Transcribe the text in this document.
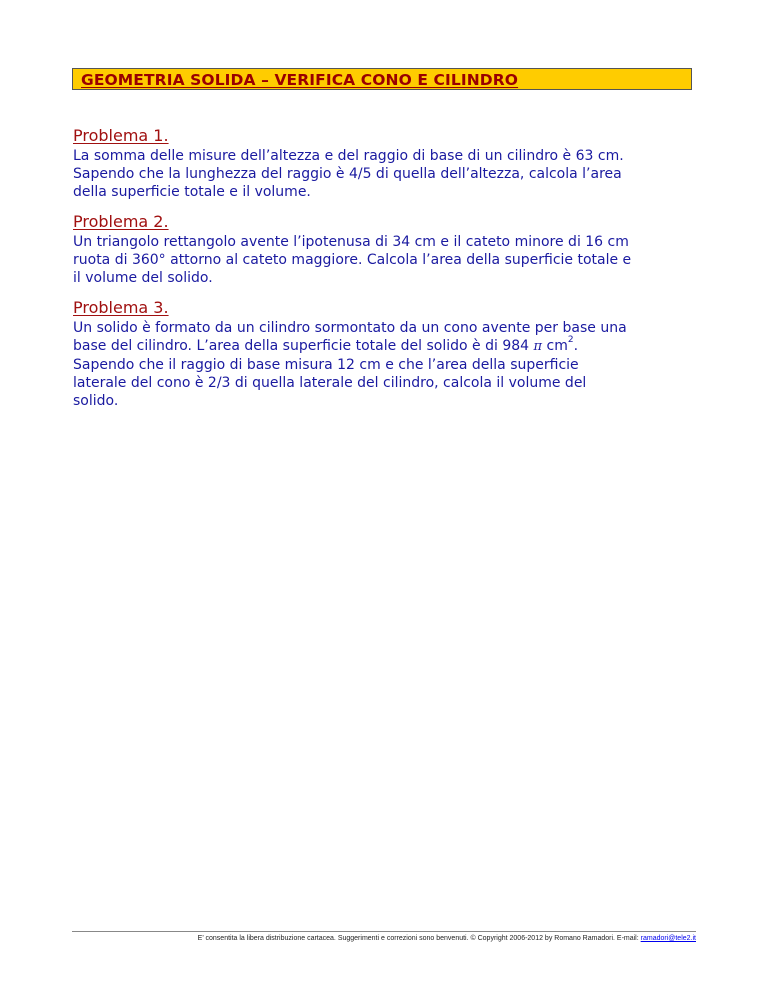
GEOMETRIA SOLIDA – VERIFICA CONO E CILINDRO
Problema 1.
La somma delle misure dell’altezza e del raggio di base di un cilindro è 63 cm.
Sapendo che la lunghezza del raggio è 4/5 di quella dell’altezza, calcola l’area
della superficie totale e il volume.
Problema 2.
Un triangolo rettangolo avente l’ipotenusa di 34 cm e il cateto minore di 16 cm
ruota di 360° attorno al cateto maggiore. Calcola l’area della superficie totale e
il volume del solido.
Problema 3.
Un solido è formato da un cilindro sormontato da un cono avente per base una
base del cilindro. L’area della superficie totale del solido è di 984 π $cm^2$.
Sapendo che il raggio di base misura 12 cm e che l’area della superficie
laterale del cono è 2/3 di quella laterale del cilindro, calcola il volume del
solido.
E’ consentita la libera distribuzione cartacea. Suggerimenti e correzioni sono benvenuti. © Copyright 2006-2012 by Romano Ramadori. E-mail: ramadori@tele2.it
